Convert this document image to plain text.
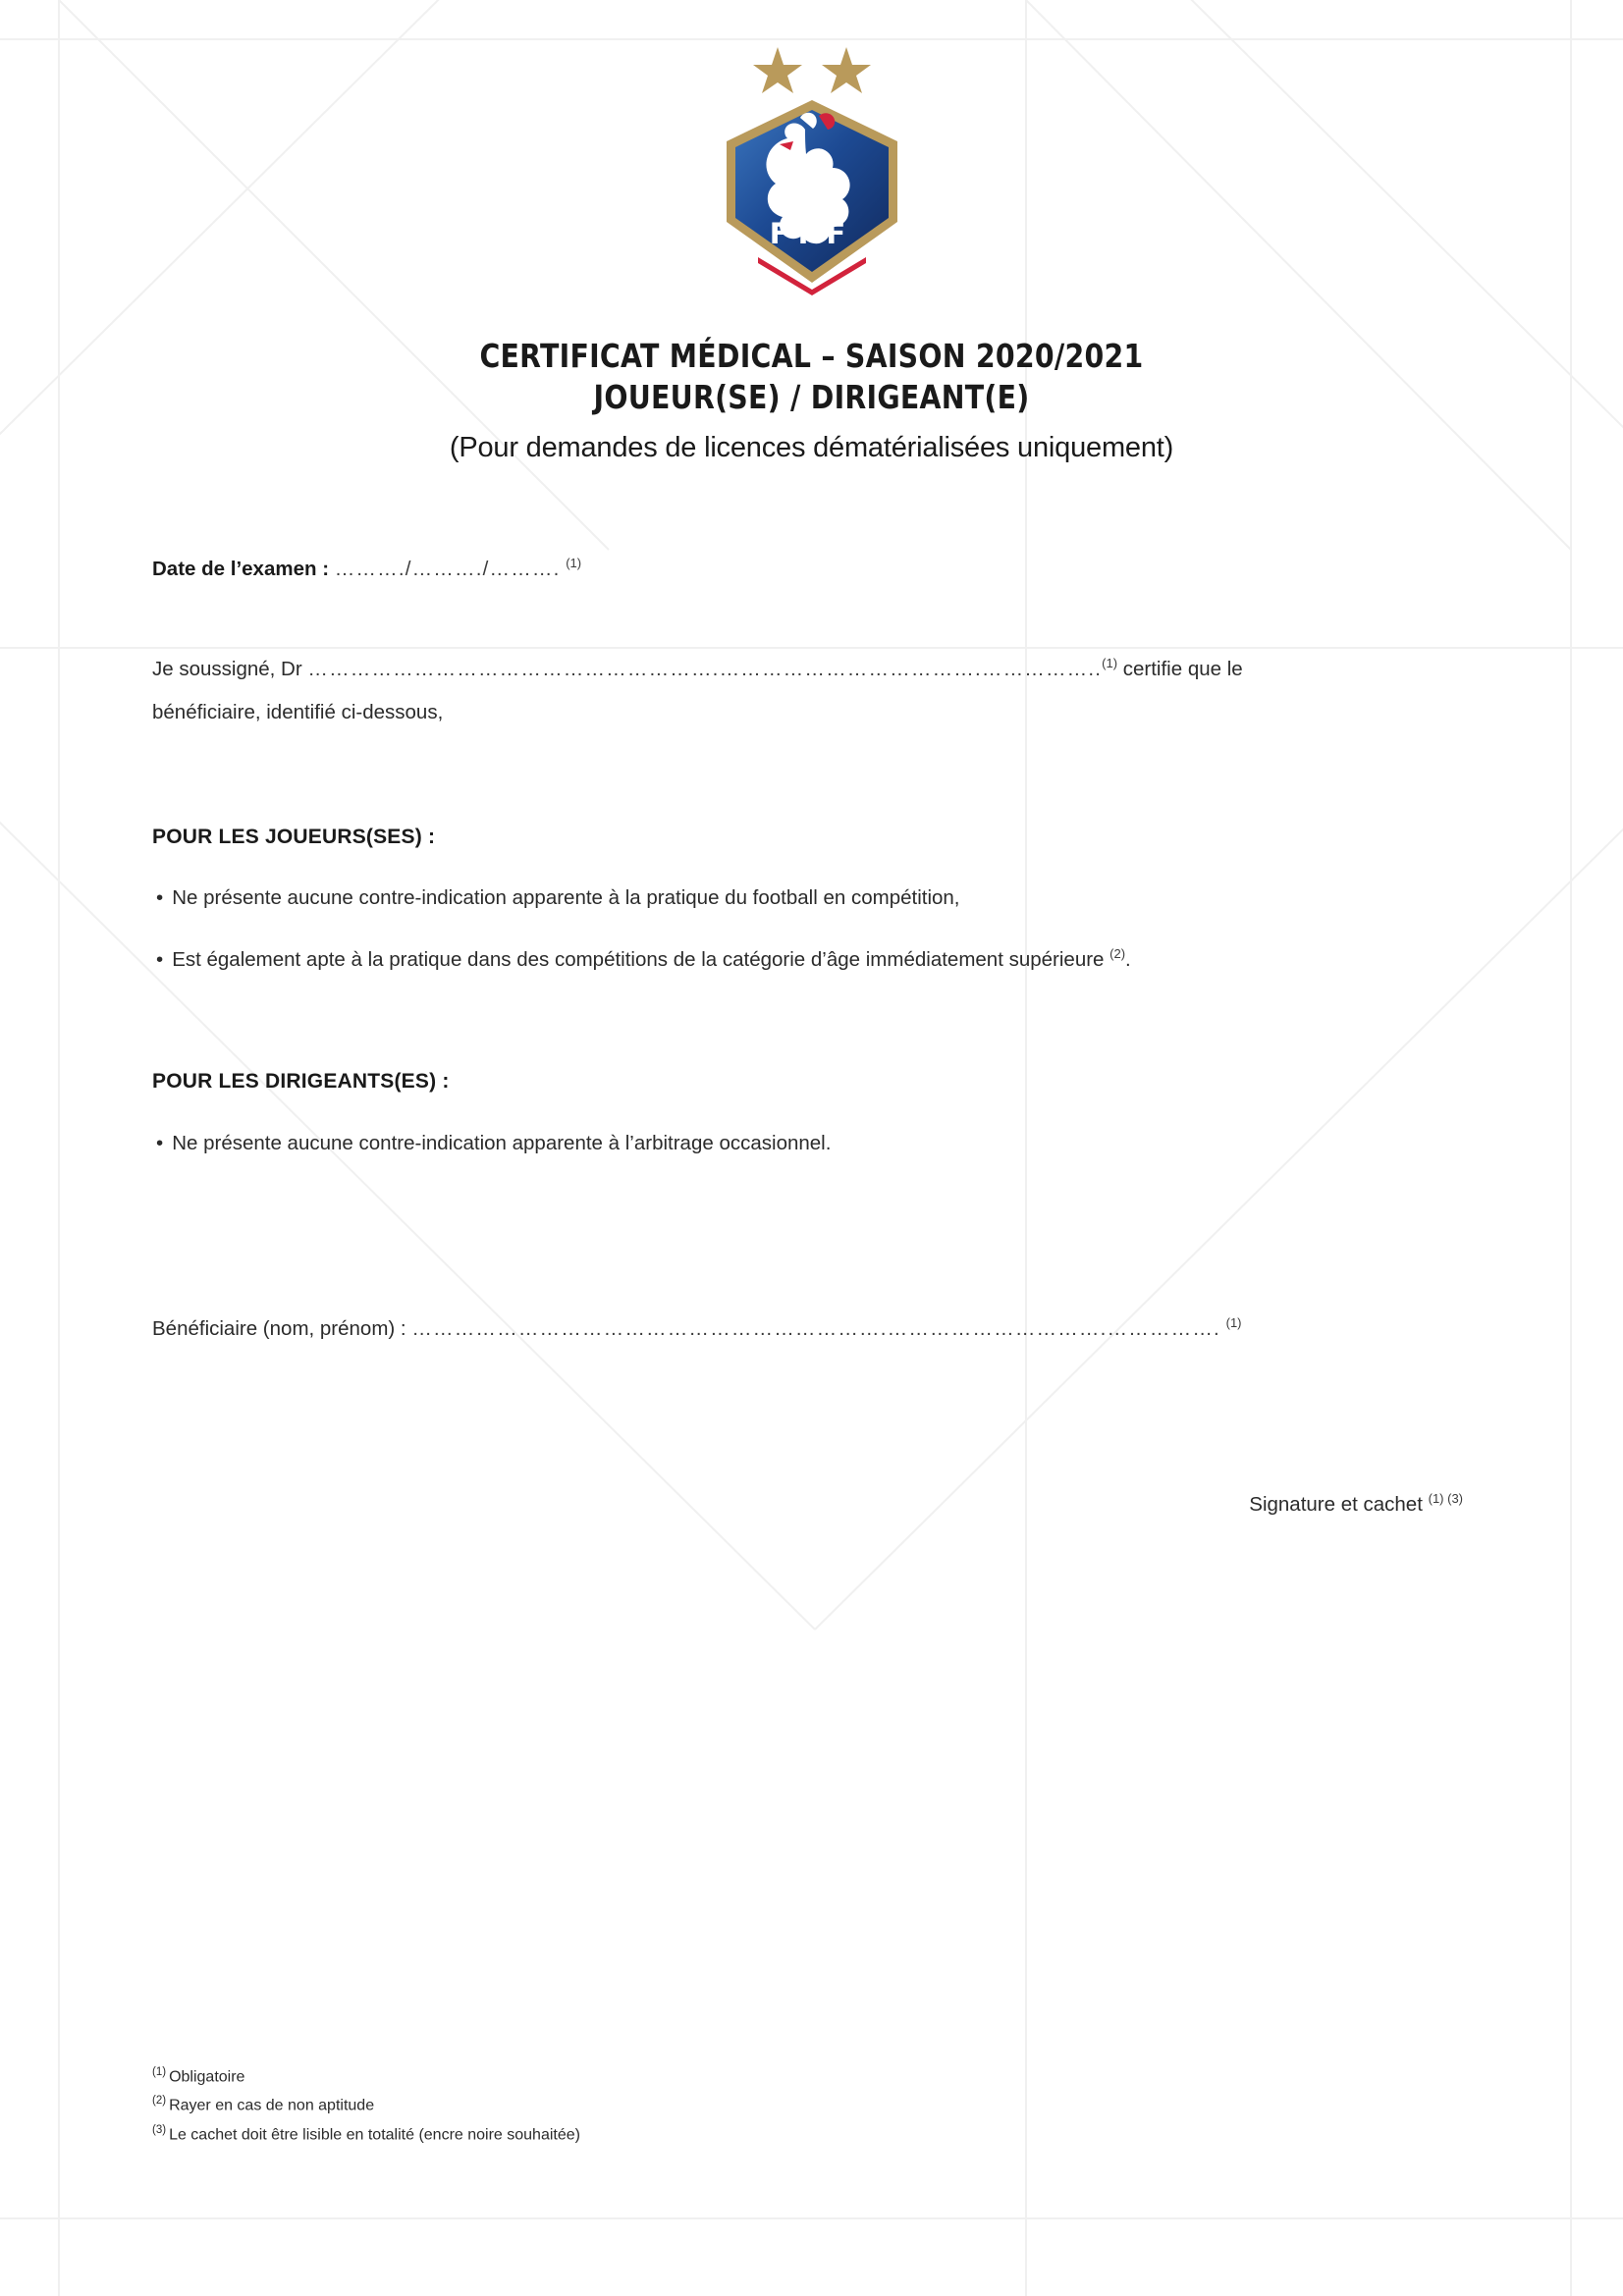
FFF
CERTIFICAT MÉDICAL – SAISON 2020/2021
JOUEUR(SE) / DIRIGEANT(E)
(Pour demandes de licences dématérialisées uniquement)
Date de l’examen : ………./………./………. $^{(1)}$
Je soussigné, Dr ………………………………………………….……………………………….……………..$^{(1)}$ certifie que le
bénéficiaire, identifié ci-dessous,
POUR LES JOUEURS(SES) :
• Ne présente aucune contre-indication apparente à la pratique du football en compétition,
• Est également apte à la pratique dans des compétitions de la catégorie d’âge immédiatement supérieure $^{(2)}$.
POUR LES DIRIGEANTS(ES) :
• Ne présente aucune contre-indication apparente à l’arbitrage occasionnel.
Bénéficiaire (nom, prénom) : ………………………………………………………….………………………….……………. $^{(1)}$
Signature et cachet $^{(1) (3)}$
$^{(1)}$ Obligatoire
$^{(2)}$ Rayer en cas de non aptitude
$^{(3)}$ Le cachet doit être lisible en totalité (encre noire souhaitée)
